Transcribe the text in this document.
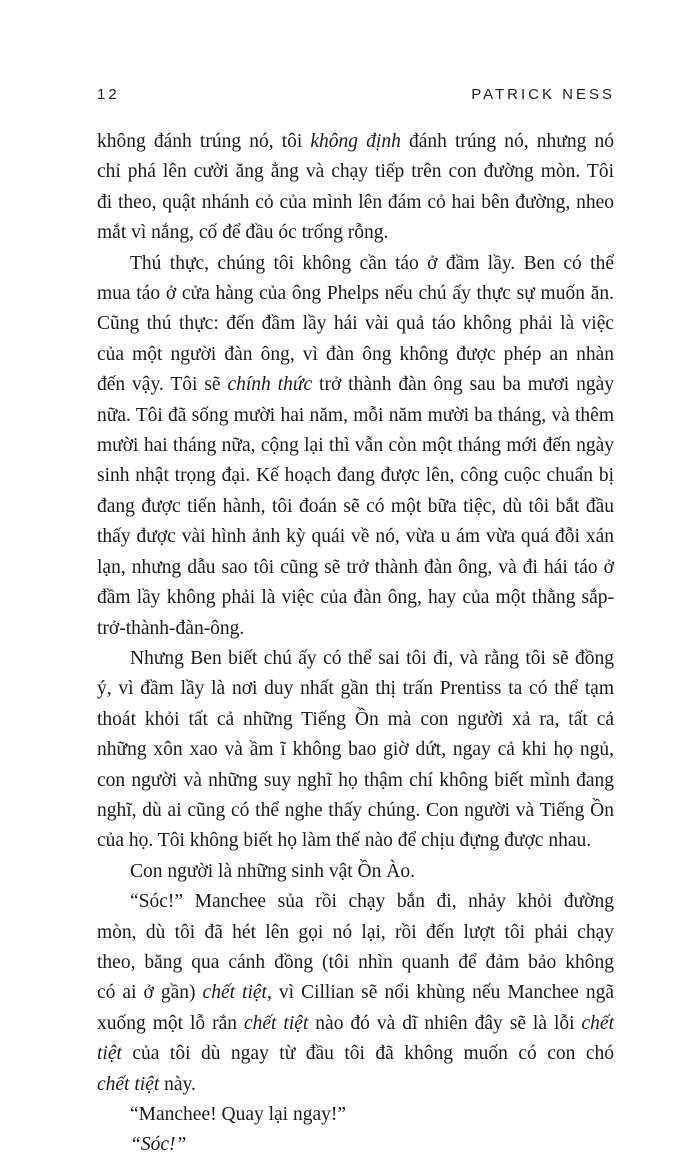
12	PATRICK NESS
không đánh trúng nó, tôi không định đánh trúng nó, nhưng nó
chỉ phá lên cười ăng ẳng và chạy tiếp trên con đường mòn. Tôi
đi theo, quật nhánh cỏ của mình lên đám cỏ hai bên đường, nheo
mắt vì nắng, cố để đầu óc trống rỗng.
Thú thực, chúng tôi không cần táo ở đầm lầy. Ben có thể
mua táo ở cửa hàng của ông Phelps nếu chú ấy thực sự muốn ăn.
Cũng thú thực: đến đầm lầy hái vài quả táo không phải là việc
của một người đàn ông, vì đàn ông không được phép an nhàn
đến vậy. Tôi sẽ chính thức trở thành đàn ông sau ba mươi ngày
nữa. Tôi đã sống mười hai năm, mỗi năm mười ba tháng, và thêm
mười hai tháng nữa, cộng lại thì vẫn còn một tháng mới đến ngày
sinh nhật trọng đại. Kế hoạch đang được lên, công cuộc chuẩn bị
đang được tiến hành, tôi đoán sẽ có một bữa tiệc, dù tôi bắt đầu
thấy được vài hình ảnh kỳ quái về nó, vừa u ám vừa quá đỗi xán
lạn, nhưng dẫu sao tôi cũng sẽ trở thành đàn ông, và đi hái táo ở
đầm lầy không phải là việc của đàn ông, hay của một thằng sắp-
trở-thành-đàn-ông.
Nhưng Ben biết chú ấy có thể sai tôi đi, và rằng tôi sẽ đồng
ý, vì đầm lầy là nơi duy nhất gần thị trấn Prentiss ta có thể tạm
thoát khỏi tất cả những Tiếng Ồn mà con người xả ra, tất cả
những xôn xao và ầm ĩ không bao giờ dứt, ngay cả khi họ ngủ,
con người và những suy nghĩ họ thậm chí không biết mình đang
nghĩ, dù ai cũng có thể nghe thấy chúng. Con người và Tiếng Ồn
của họ. Tôi không biết họ làm thế nào để chịu đựng được nhau.
Con người là những sinh vật Ồn Ào.
“Sóc!” Manchee sủa rồi chạy bắn đi, nhảy khỏi đường
mòn, dù tôi đã hét lên gọi nó lại, rồi đến lượt tôi phải chạy
theo, băng qua cánh đồng (tôi nhìn quanh để đảm bảo không
có ai ở gần) chết tiệt, vì Cillian sẽ nổi khùng nếu Manchee ngã
xuống một lỗ rắn chết tiệt nào đó và dĩ nhiên đây sẽ là lỗi chết
tiệt của tôi dù ngay từ đầu tôi đã không muốn có con chó
chết tiệt này.
“Manchee! Quay lại ngay!”
“Sóc!”
